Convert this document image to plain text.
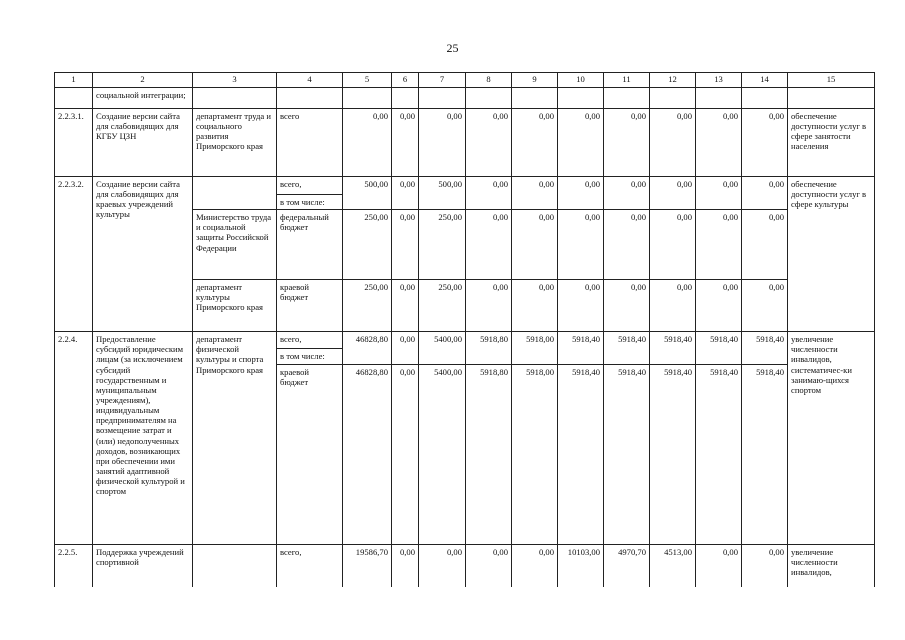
25
1	2	3	4	5	6	7	8	9	10	11	12	13	14	15
	социальной интеграции;													
2.2.3.1.	Создание версии сайта для слабовидящих для КГБУ ЦЗН	департамент труда и социального развития Приморского края	всего	0,00	0,00	0,00	0,00	0,00	0,00	0,00	0,00	0,00	0,00	обеспечение доступности услуг в сфере занятости населения
2.2.3.2.	Создание версии сайта для слабовидящих для краевых учреждений культуры		всего,	500,00	0,00	500,00	0,00	0,00	0,00	0,00	0,00	0,00	0,00	обеспечение доступности услуг в сфере культуры
			в том числе:											
		Министерство труда и социальной защиты Российской Федерации	федеральный бюджет	250,00	0,00	250,00	0,00	0,00	0,00	0,00	0,00	0,00	0,00	
		департамент культуры Приморского края	краевой бюджет	250,00	0,00	250,00	0,00	0,00	0,00	0,00	0,00	0,00	0,00	
2.2.4.	Предоставление субсидий юридическим лицам (за исключением субсидий государственным и муниципальным учреждениям), индивидуальным предпринимателям на возмещение затрат и (или) недополученных доходов, возникающих при обеспечении ими занятий адаптивной физической культурой и спортом	департамент физической культуры и спорта Приморского края	всего,	46828,80	0,00	5400,00	5918,80	5918,00	5918,40	5918,40	5918,40	5918,40	5918,40	увеличение численности инвалидов, систематичес-ки занимаю-щихся спортом
			в том числе:											
			краевой бюджет	46828,80	0,00	5400,00	5918,80	5918,00	5918,40	5918,40	5918,40	5918,40	5918,40	
2.2.5.	Поддержка учреждений спортивной		всего,	19586,70	0,00	0,00	0,00	0,00	10103,00	4970,70	4513,00	0,00	0,00	увеличение численности инвалидов,
